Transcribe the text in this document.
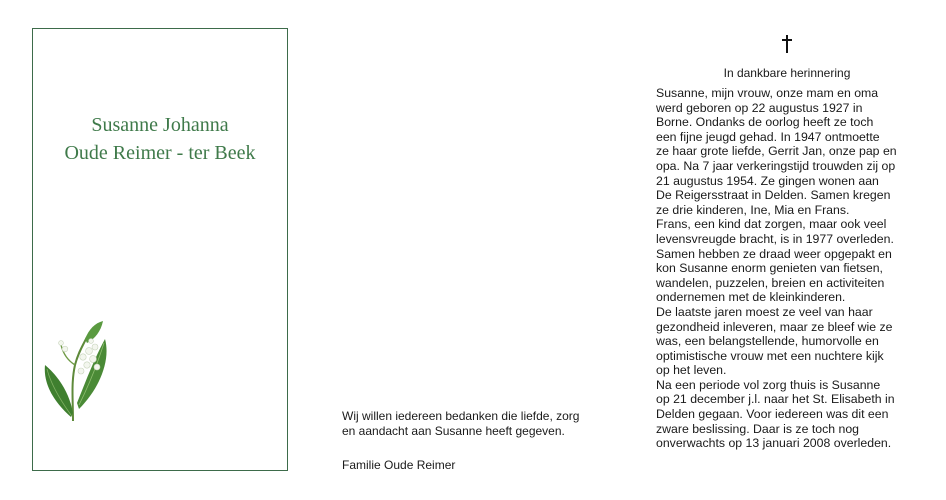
Susanne Johanna
Oude Reimer - ter Beek
Wij willen iedereen bedanken die liefde, zorg
en aandacht aan Susanne heeft gegeven.
Familie Oude Reimer
In dankbare herinnering
Susanne, mijn vrouw, onze mam en oma
werd geboren op 22 augustus 1927 in
Borne. Ondanks de oorlog heeft ze toch
een fijne jeugd gehad. In 1947 ontmoette
ze haar grote liefde, Gerrit Jan, onze pap en
opa. Na 7 jaar verkeringstijd trouwden zij op
21 augustus 1954. Ze gingen wonen aan
De Reigersstraat in Delden. Samen kregen
ze drie kinderen, Ine, Mia en Frans.
Frans, een kind dat zorgen, maar ook veel
levensvreugde bracht, is in 1977 overleden.
Samen hebben ze draad weer opgepakt en
kon Susanne enorm genieten van fietsen,
wandelen, puzzelen, breien en activiteiten
ondernemen met de kleinkinderen.
De laatste jaren moest ze veel van haar
gezondheid inleveren, maar ze bleef wie ze
was, een belangstellende, humorvolle en
optimistische vrouw met een nuchtere kijk
op het leven.
Na een periode vol zorg thuis is Susanne
op 21 december j.l. naar het St. Elisabeth in
Delden gegaan. Voor iedereen was dit een
zware beslissing. Daar is ze toch nog
onverwachts op 13 januari 2008 overleden.
